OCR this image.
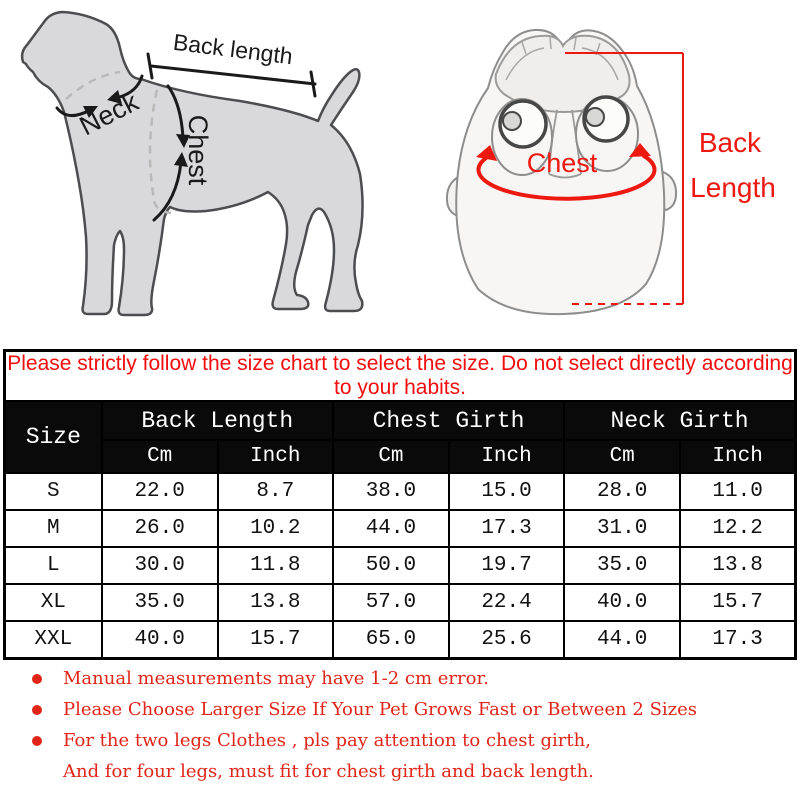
Back length
Neck
Chest	Chest
Back
Length
Please strictly follow the size chart to select the size. Do not select directly according to your habits.						
Size	Back Length		Chest Girth		Neck Girth	
	Cm	Inch	Cm	Inch	Cm	Inch
S	22.0	8.7	38.0	15.0	28.0	11.0
M	26.0	10.2	44.0	17.3	31.0	12.2
L	30.0	11.8	50.0	19.7	35.0	13.8
XL	35.0	13.8	57.0	22.4	40.0	15.7
XXL	40.0	15.7	65.0	25.6	44.0	17.3
Manual measurements may have 1-2 cm error.
Please Choose Larger Size If Your Pet Grows Fast or Between 2 Sizes
For the two legs Clothes , pls pay attention to chest girth,
And for four legs, must fit for chest girth and back length.
